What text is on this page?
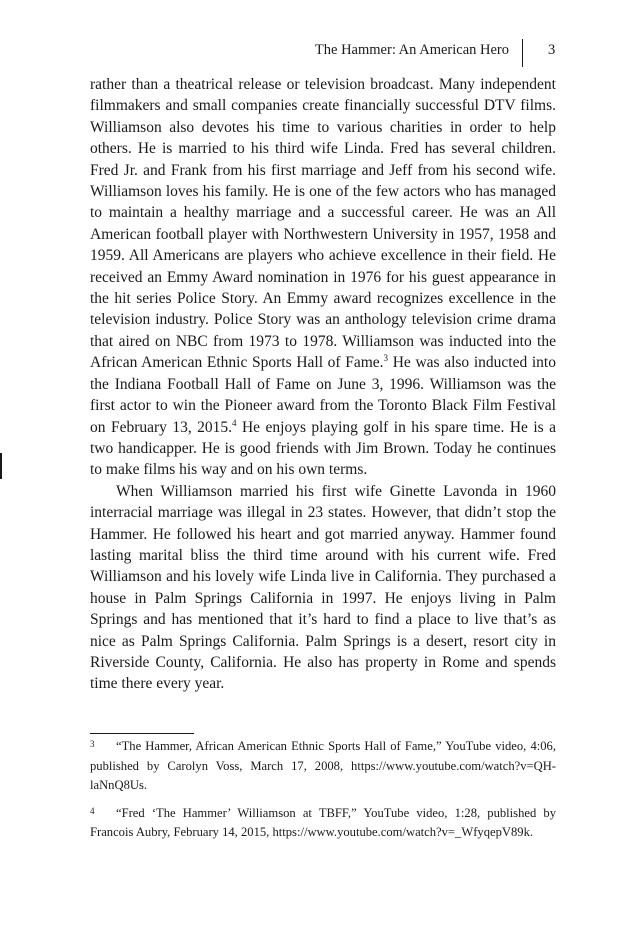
The Hammer: An American Hero	3

rather than a theatrical release or television broadcast. Many independent filmmakers and small companies create financially successful DTV films. Williamson also devotes his time to various charities in order to help others. He is married to his third wife Linda. Fred has several children. Fred Jr. and Frank from his first marriage and Jeff from his second wife. Williamson loves his family. He is one of the few actors who has managed to maintain a healthy marriage and a successful career. He was an All American football player with Northwestern University in 1957, 1958 and 1959. All Americans are players who achieve excellence in their field. He received an Emmy Award nomination in 1976 for his guest appearance in the hit series Police Story. An Emmy award recognizes excellence in the television industry. Police Story was an anthology television crime drama that aired on NBC from 1973 to 1978. Williamson was inducted into the African American Ethnic Sports Hall of Fame.$^3$ He was also inducted into the Indiana Football Hall of Fame on June 3, 1996. Williamson was the first actor to win the Pioneer award from the Toronto Black Film Festival on February 13, 2015.$^4$ He enjoys playing golf in his spare time. He is a two handicapper. He is good friends with Jim Brown. Today he continues to make films his way and on his own terms.

When Williamson married his first wife Ginette Lavonda in 1960 interracial marriage was illegal in 23 states. However, that didn’t stop the Hammer. He followed his heart and got married anyway. Hammer found lasting marital bliss the third time around with his current wife. Fred Williamson and his lovely wife Linda live in California. They purchased a house in Palm Springs California in 1997. He enjoys living in Palm Springs and has mentioned that it’s hard to find a place to live that’s as nice as Palm Springs California. Palm Springs is a desert, resort city in Riverside County, California. He also has property in Rome and spends time there every year.

3 “The Hammer, African American Ethnic Sports Hall of Fame,” YouTube video, 4:06, published by Carolyn Voss, March 17, 2008, https://www.youtube.com/watch?v=QH-laNnQ8Us.

4 “Fred ‘The Hammer’ Williamson at TBFF,” YouTube video, 1:28, published by Francois Aubry, February 14, 2015, https://www.youtube.com/watch?v=_WfyqepV89k.
